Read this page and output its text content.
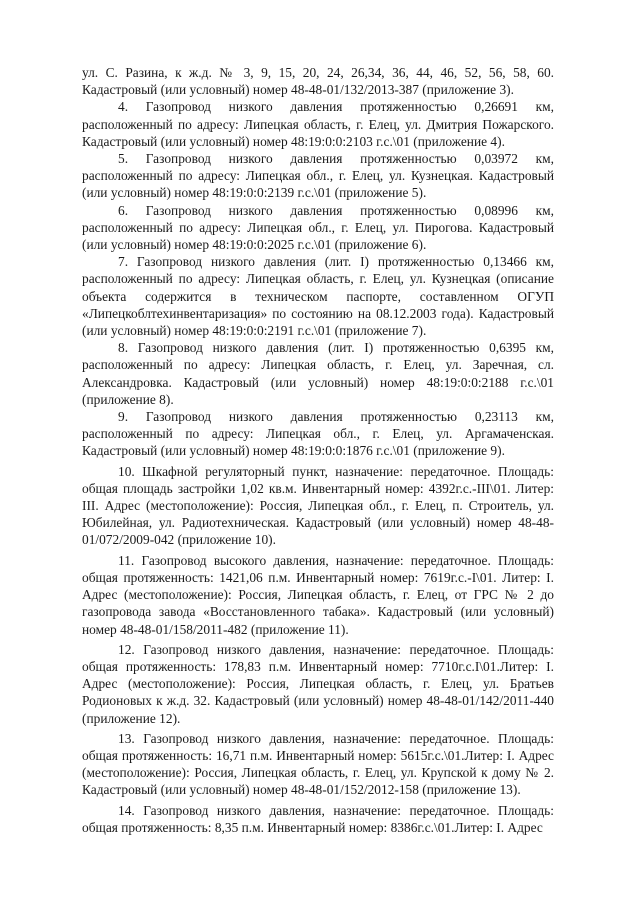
ул. С. Разина, к ж.д. № 3, 9, 15, 20, 24, 26,34, 36, 44, 46, 52, 56, 58, 60. Кадастровый (или условный) номер 48-48-01/132/2013-387 (приложение 3).

4. Газопровод низкого давления протяженностью 0,26691 км, расположенный по адресу: Липецкая область, г. Елец, ул. Дмитрия Пожарского. Кадастровый (или условный) номер 48:19:0:0:2103 г.с.\01 (приложение 4).

5. Газопровод низкого давления протяженностью 0,03972 км, расположенный по адресу: Липецкая обл., г. Елец, ул. Кузнецкая. Кадастровый (или условный) номер 48:19:0:0:2139 г.с.\01 (приложение 5).

6. Газопровод низкого давления протяженностью 0,08996 км, расположенный по адресу: Липецкая обл., г. Елец, ул. Пирогова. Кадастровый (или условный) номер 48:19:0:0:2025 г.с.\01 (приложение 6).

7. Газопровод низкого давления (лит. I) протяженностью 0,13466 км, расположенный по адресу: Липецкая область, г. Елец, ул. Кузнецкая (описание объекта содержится в техническом паспорте, составленном ОГУП «Липецкоблтехинвентаризация» по состоянию на 08.12.2003 года). Кадастровый (или условный) номер 48:19:0:0:2191 г.с.\01 (приложение 7).

8. Газопровод низкого давления (лит. I) протяженностью 0,6395 км, расположенный по адресу: Липецкая область, г. Елец, ул. Заречная, сл. Александровка. Кадастровый (или условный) номер 48:19:0:0:2188 г.с.\01 (приложение 8).

9. Газопровод низкого давления протяженностью 0,23113 км, расположенный по адресу: Липецкая обл., г. Елец, ул. Аргамаченская. Кадастровый (или условный) номер 48:19:0:0:1876 г.с.\01 (приложение 9).

10. Шкафной регуляторный пункт, назначение: передаточное. Площадь: общая площадь застройки 1,02 кв.м. Инвентарный номер: 4392г.с.-III\01. Литер: III. Адрес (местоположение): Россия, Липецкая обл., г. Елец, п. Строитель, ул. Юбилейная, ул. Радиотехническая. Кадастровый (или условный) номер 48-48-01/072/2009-042 (приложение 10).

11. Газопровод высокого давления, назначение: передаточное. Площадь: общая протяженность: 1421,06 п.м. Инвентарный номер: 7619г.с.-I\01. Литер: I. Адрес (местоположение): Россия, Липецкая область, г. Елец, от ГРС № 2 до газопровода завода «Восстановленного табака». Кадастровый (или условный) номер 48-48-01/158/2011-482 (приложение 11).

12. Газопровод низкого давления, назначение: передаточное. Площадь: общая протяженность: 178,83 п.м. Инвентарный номер: 7710г.с.I\01.Литер: I. Адрес (местоположение): Россия, Липецкая область, г. Елец, ул. Братьев Родионовых к ж.д. 32. Кадастровый (или условный) номер 48-48-01/142/2011-440 (приложение 12).

13. Газопровод низкого давления, назначение: передаточное. Площадь: общая протяженность: 16,71 п.м. Инвентарный номер: 5615г.с.\01.Литер: I. Адрес (местоположение): Россия, Липецкая область, г. Елец, ул. Крупской к дому № 2. Кадастровый (или условный) номер 48-48-01/152/2012-158 (приложение 13).

14. Газопровод низкого давления, назначение: передаточное. Площадь: общая протяженность: 8,35 п.м. Инвентарный номер: 8386г.с.\01.Литер: I. Адрес
